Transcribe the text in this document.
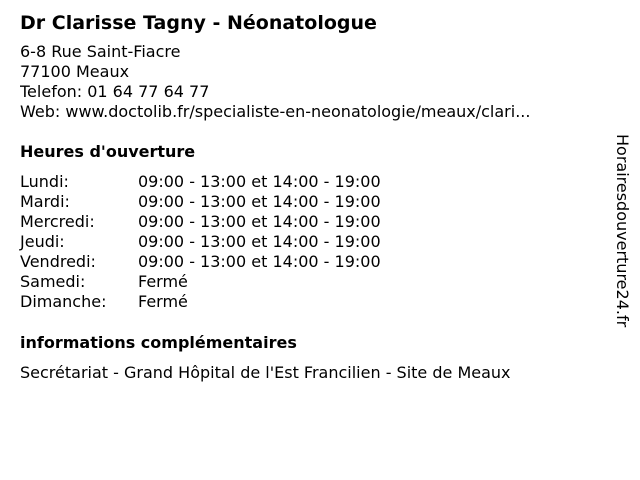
Dr Clarisse Tagny - Néonatologue
6-8 Rue Saint-Fiacre
77100 Meaux
Telefon: 01 64 77 64 77
Web: www.doctolib.fr/specialiste-en-neonatologie/meaux/clari...
Heures d'ouverture
Lundi:	09:00 - 13:00 et 14:00 - 19:00
Mardi:	09:00 - 13:00 et 14:00 - 19:00
Mercredi:	09:00 - 13:00 et 14:00 - 19:00
Jeudi:	09:00 - 13:00 et 14:00 - 19:00
Vendredi:	09:00 - 13:00 et 14:00 - 19:00
Samedi:	Fermé
Dimanche:	Fermé
informations complémentaires
Secrétariat - Grand Hôpital de l'Est Francilien - Site de Meaux
Horairesdouverture24.fr
